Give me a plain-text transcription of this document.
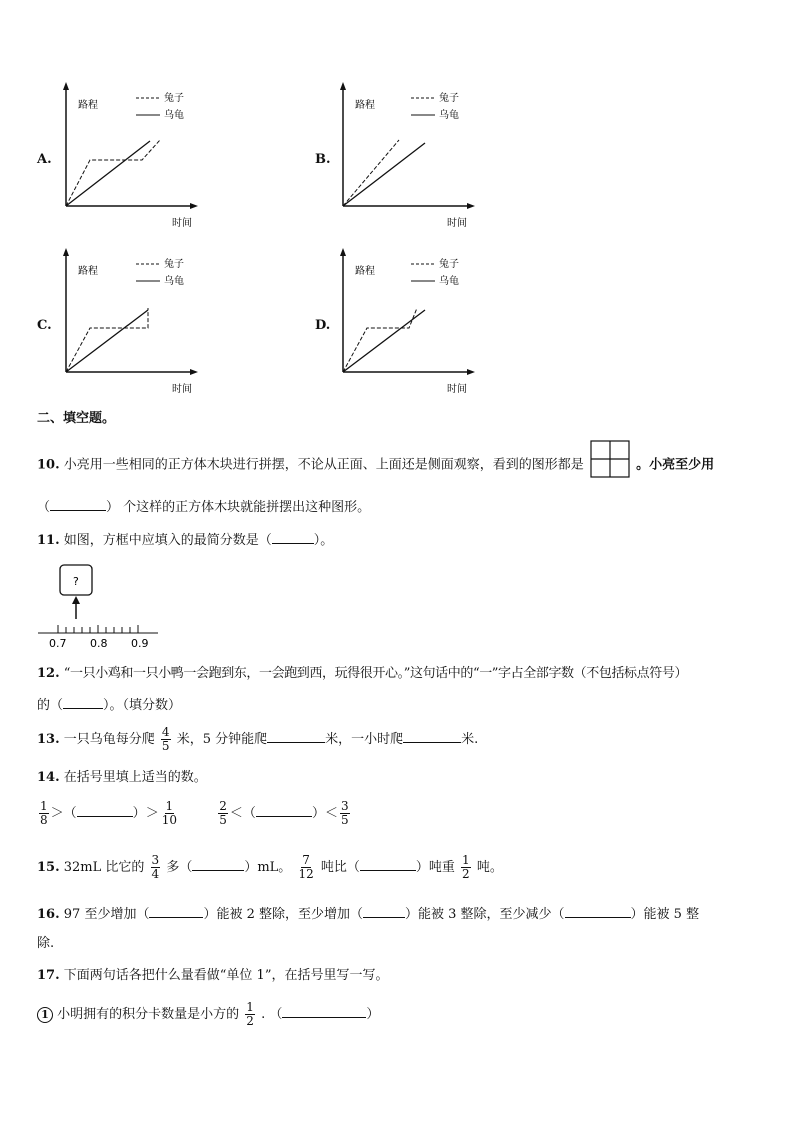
A.
路程
时间
兔子
乌龟
B.
路程
时间
兔子
乌龟
C.
路程
时间
兔子
乌龟
D.
路程
时间
兔子
乌龟
二、填空题。
10. 小亮用一些相同的正方体木块进行拼摆，不论从正面、上面还是侧面观察，看到的图形都是	。小亮至少用
（	） 个这样的正方体木块就能拼摆出这种图形。
11. 如图，方框中应填入的最简分数是（	）。
?
0.7 0.8 0.9
12. “一只小鸡和一只小鸭一会跑到东，一会跑到西，玩得很开心。”这句话中的“一”字占全部字数（不包括标点符号）
的（	）。（填分数）
13. 一只乌龟每分爬 $\frac{4}{5}$ 米，5 分钟能爬	米，一小时爬	米.
14. 在括号里填上适当的数。
$\frac{1}{8}$ ＞（	）＞ $\frac{1}{10}$
	$\frac{2}{5}$ ＜（	）＜ $\frac{3}{5}$
15. 32mL 比它的 $\frac{3}{4}$ 多（	）mL。 $\frac{7}{12}$ 吨比（	）吨重 $\frac{1}{2}$ 吨。
16. 97 至少增加（	）能被 2 整除，至少增加（	）能被 3 整除，至少减少（	）能被 5 整
除.
17. 下面两句话各把什么量看做“单位 1”，在括号里写一写。
1 小明拥有的积分卡数量是小方的 $\frac{1}{2}$ . （	）
